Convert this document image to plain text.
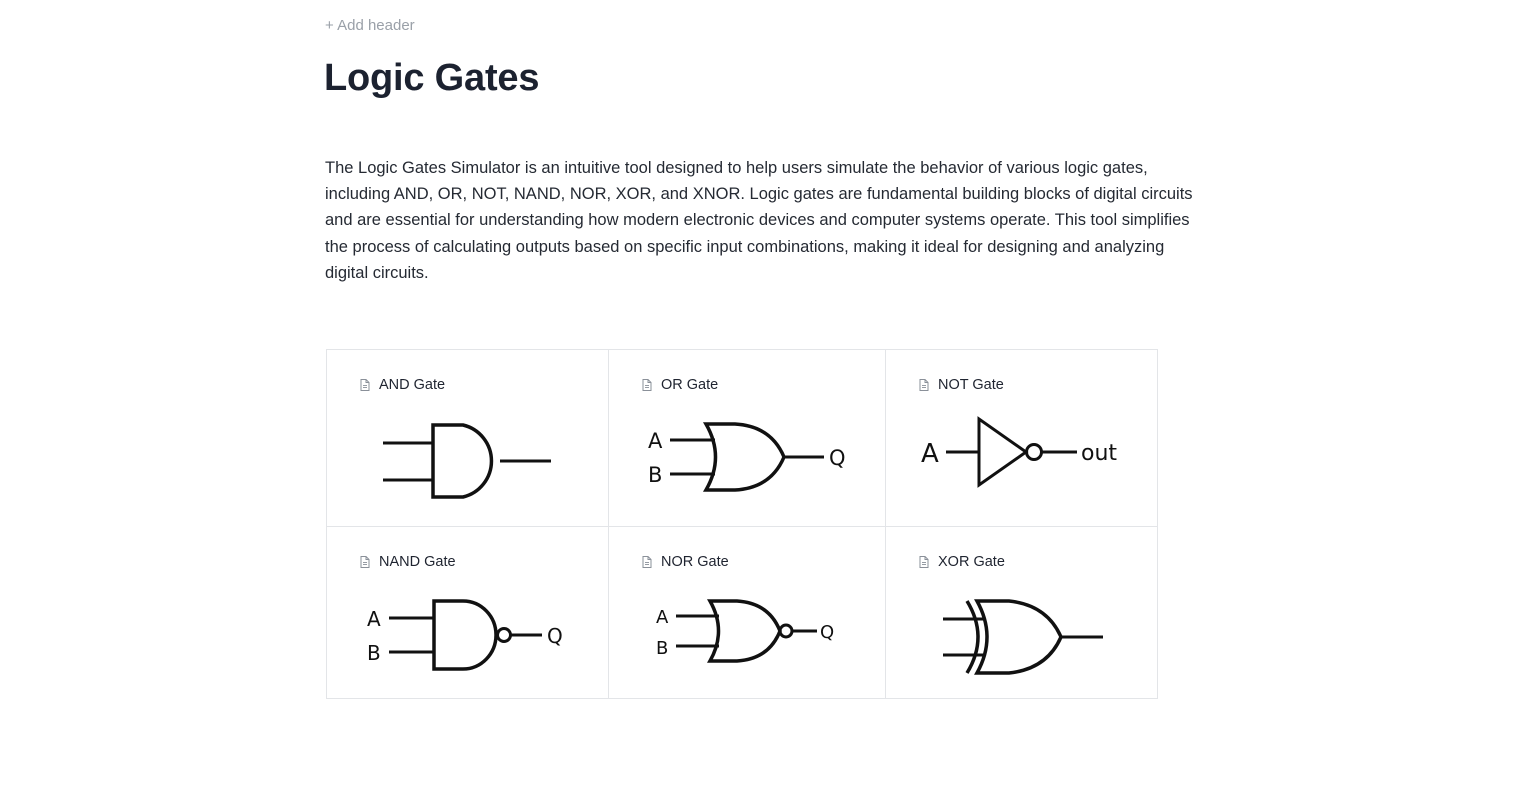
+ Add header
Logic Gates

The Logic Gates Simulator is an intuitive tool designed to help users simulate the behavior of various logic gates, including AND, OR, NOT, NAND, NOR, XOR, and XNOR. Logic gates are fundamental building blocks of digital circuits and are essential for understanding how modern electronic devices and computer systems operate. This tool simplifies the process of calculating outputs based on specific input combinations, making it ideal for designing and analyzing digital circuits.

AND Gate	OR Gate
A
B
Q
NOT Gate
A	out
NAND Gate
A
B
Q
NOR Gate
A
B
Q
XOR Gate
